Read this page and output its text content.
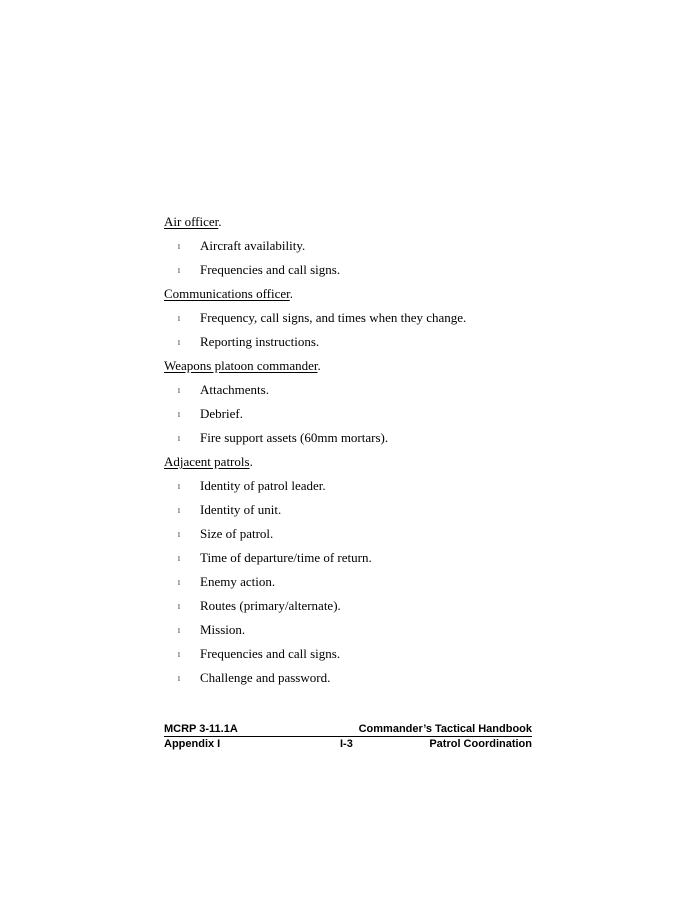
Air officer.
l Aircraft availability.
l Frequencies and call signs.
Communications officer.
l Frequency, call signs, and times when they change.
l Reporting instructions.
Weapons platoon commander.
l Attachments.
l Debrief.
l Fire support assets (60mm mortars).
Adjacent patrols.
l Identity of patrol leader.
l Identity of unit.
l Size of patrol.
l Time of departure/time of return.
l Enemy action.
l Routes (primary/alternate).
l Mission.
l Frequencies and call signs.
l Challenge and password.
MCRP 3-11.1A	Commander’s Tactical Handbook
Appendix I	I-3	Patrol Coordination
